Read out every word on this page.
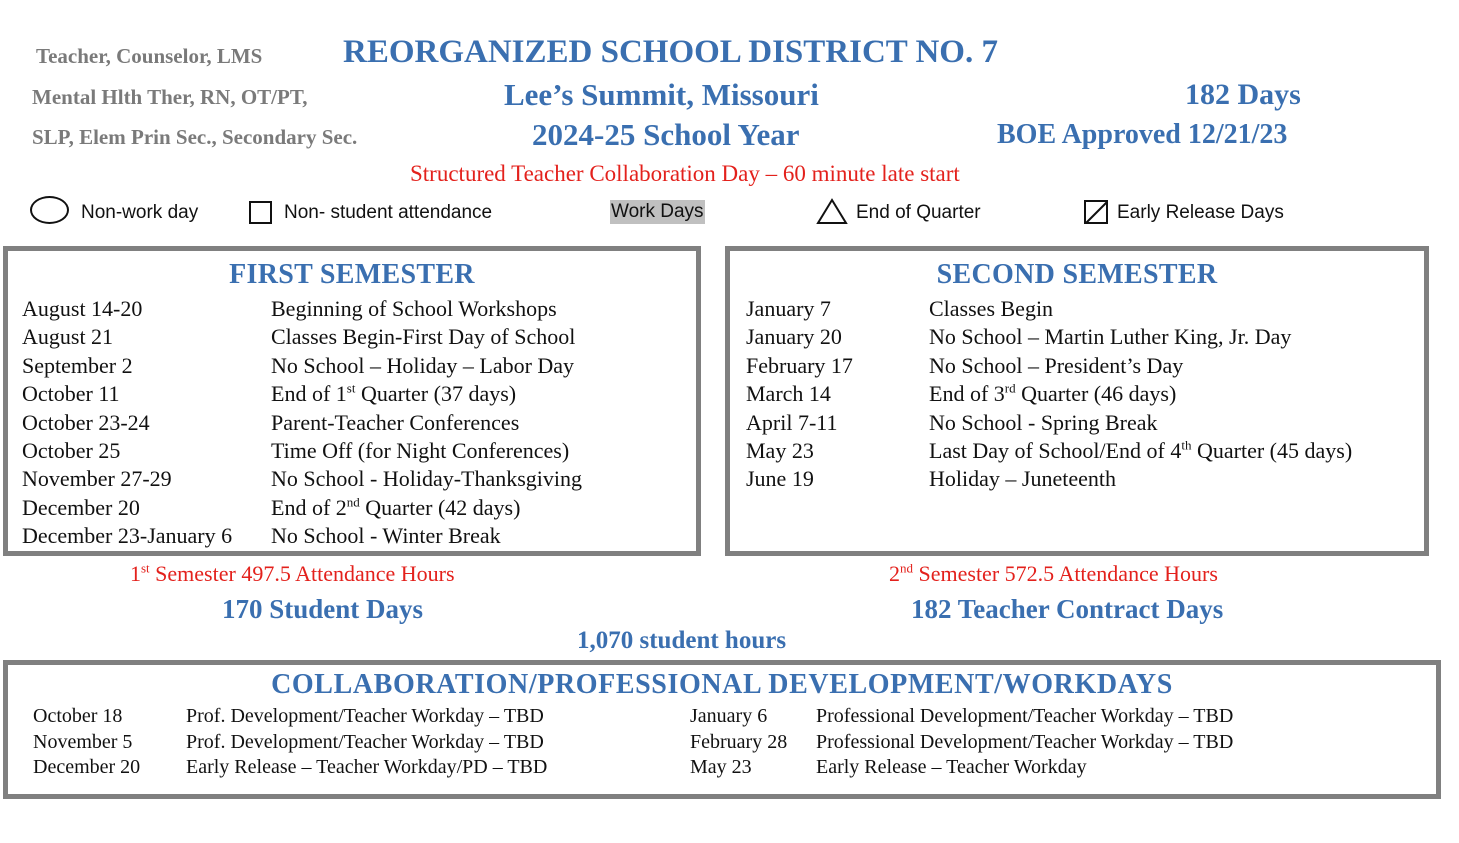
Teacher, Counselor, LMS
Mental Hlth Ther, RN, OT/PT,
SLP, Elem Prin Sec., Secondary Sec.
REORGANIZED SCHOOL DISTRICT NO. 7
Lee’s Summit, Missouri
2024-25 School Year
182 Days
BOE Approved 12/21/23
Structured Teacher Collaboration Day – 60 minute late start
Non-work day	Non- student attendance	Work Days	End of Quarter	Early Release Days
FIRST SEMESTER
August 14-20	Beginning of School Workshops
August 21	Classes Begin-First Day of School
September 2	No School – Holiday – Labor Day
October 11	End of 1st Quarter (37 days)
October 23-24	Parent-Teacher Conferences
October 25	Time Off (for Night Conferences)
November 27-29	No School - Holiday-Thanksgiving
December 20	End of 2nd Quarter (42 days)
December 23-January 6 No School - Winter Break
SECOND SEMESTER
January 7	Classes Begin
January 20	No School – Martin Luther King, Jr. Day
February 17	No School – President’s Day
March 14	End of 3rd Quarter (46 days)
April 7-11	No School - Spring Break
May 23	Last Day of School/End of 4th Quarter (45 days)
June 19	Holiday – Juneteenth
1st Semester 497.5 Attendance Hours
170 Student Days
2nd Semester 572.5 Attendance Hours
182 Teacher Contract Days
1,070 student hours
COLLABORATION/PROFESSIONAL DEVELOPMENT/WORKDAYS
October 18	Prof. Development/Teacher Workday – TBD
November 5	Prof. Development/Teacher Workday – TBD
December 20 Early Release – Teacher Workday/PD – TBD
January 6 Professional Development/Teacher Workday – TBD
February 28 Professional Development/Teacher Workday – TBD
May 23	Early Release – Teacher Workday
